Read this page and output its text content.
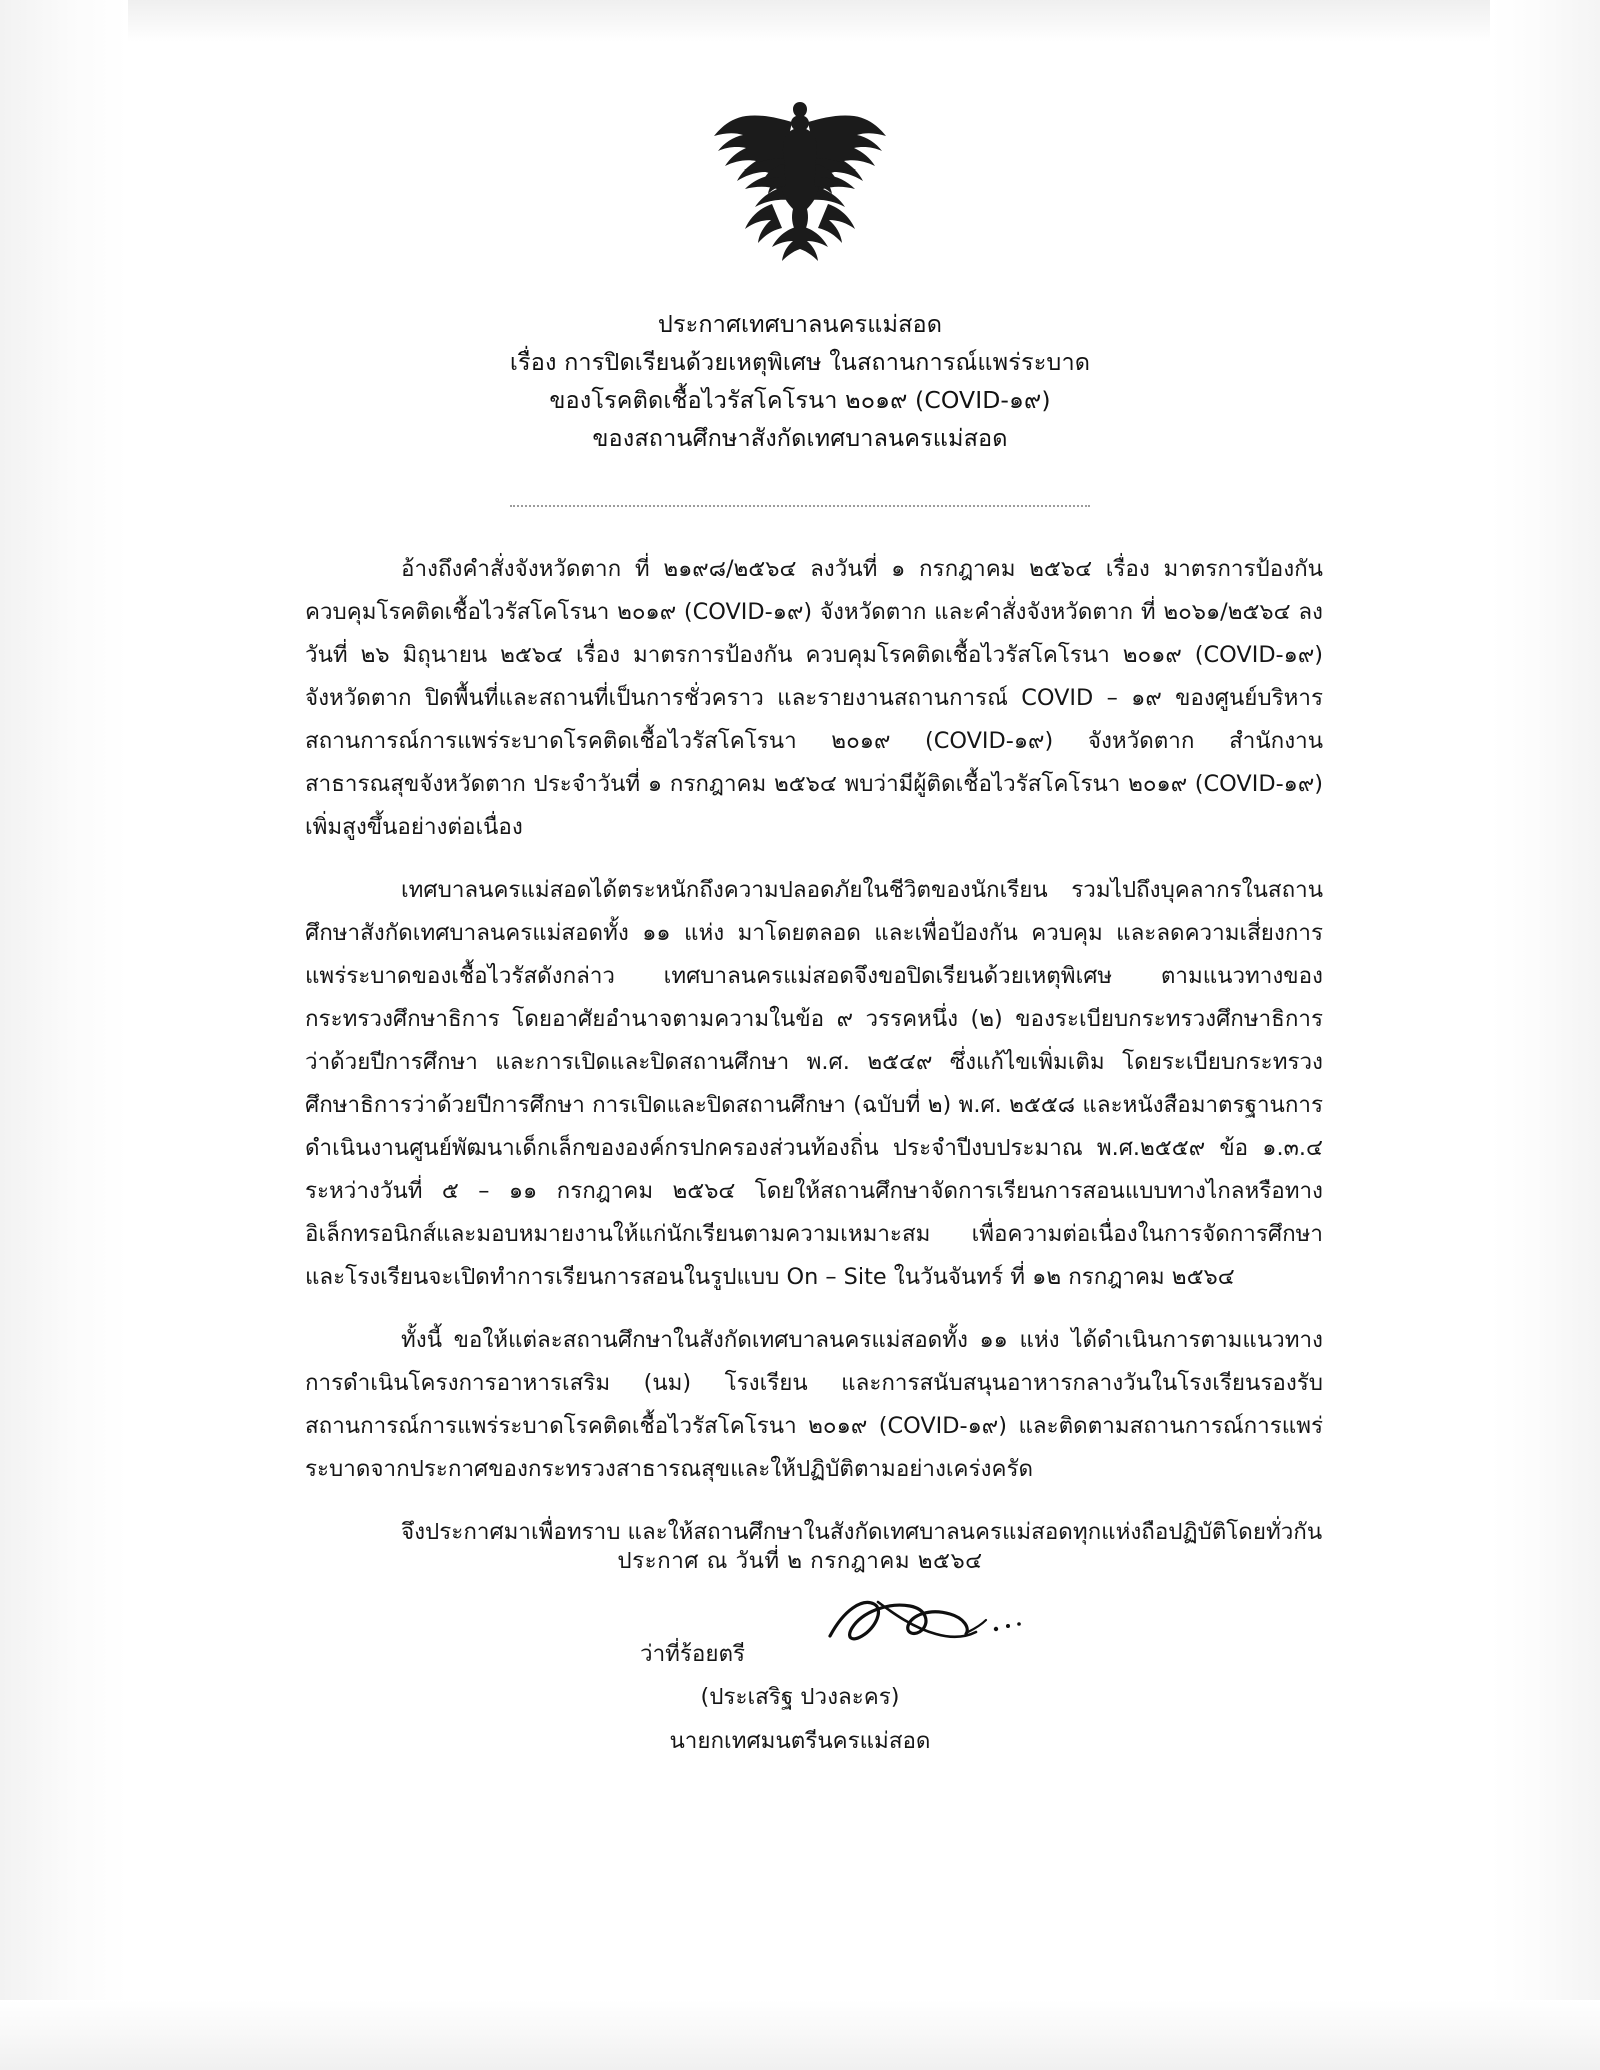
ประกาศเทศบาลนครแม่สอด
เรื่อง การปิดเรียนด้วยเหตุพิเศษ ในสถานการณ์แพร่ระบาด
ของโรคติดเชื้อไวรัสโคโรนา ๒๐๑๙ (COVID-๑๙)
ของสถานศึกษาสังกัดเทศบาลนครแม่สอด

อ้างถึงคำสั่งจังหวัดตาก ที่ ๒๑๙๘/๒๕๖๔ ลงวันที่ ๑ กรกฎาคม ๒๕๖๔ เรื่อง มาตรการป้องกัน ควบคุมโรคติดเชื้อไวรัสโคโรนา ๒๐๑๙ (COVID-๑๙) จังหวัดตาก และคำสั่งจังหวัดตาก ที่ ๒๐๖๑/๒๕๖๔ ลงวันที่ ๒๖ มิถุนายน ๒๕๖๔ เรื่อง มาตรการป้องกัน ควบคุมโรคติดเชื้อไวรัสโคโรนา ๒๐๑๙ (COVID-๑๙) จังหวัดตาก ปิดพื้นที่และสถานที่เป็นการชั่วคราว และรายงานสถานการณ์ COVID – ๑๙ ของศูนย์บริหารสถานการณ์การแพร่ระบาดโรคติดเชื้อไวรัสโคโรนา ๒๐๑๙ (COVID-๑๙) จังหวัดตาก สำนักงานสาธารณสุขจังหวัดตาก ประจำวันที่ ๑ กรกฎาคม ๒๕๖๔ พบว่ามีผู้ติดเชื้อไวรัสโคโรนา ๒๐๑๙ (COVID-๑๙) เพิ่มสูงขึ้นอย่างต่อเนื่อง

เทศบาลนครแม่สอดได้ตระหนักถึงความปลอดภัยในชีวิตของนักเรียน รวมไปถึงบุคลากรในสถานศึกษาสังกัดเทศบาลนครแม่สอดทั้ง ๑๑ แห่ง มาโดยตลอด และเพื่อป้องกัน ควบคุม และลดความเสี่ยงการแพร่ระบาดของเชื้อไวรัสดังกล่าว เทศบาลนครแม่สอดจึงขอปิดเรียนด้วยเหตุพิเศษ ตามแนวทางของกระทรวงศึกษาธิการ โดยอาศัยอำนาจตามความในข้อ ๙ วรรคหนึ่ง (๒) ของระเบียบกระทรวงศึกษาธิการ ว่าด้วยปีการศึกษา และการเปิดและปิดสถานศึกษา พ.ศ. ๒๕๔๙ ซึ่งแก้ไขเพิ่มเติม โดยระเบียบกระทรวงศึกษาธิการว่าด้วยปีการศึกษา การเปิดและปิดสถานศึกษา (ฉบับที่ ๒) พ.ศ. ๒๕๕๘ และหนังสือมาตรฐานการดำเนินงานศูนย์พัฒนาเด็กเล็กขององค์กรปกครองส่วนท้องถิ่น ประจำปีงบประมาณ พ.ศ.๒๕๕๙ ข้อ ๑.๓.๔ ระหว่างวันที่ ๕ – ๑๑ กรกฎาคม ๒๕๖๔ โดยให้สถานศึกษาจัดการเรียนการสอนแบบทางไกลหรือทางอิเล็กทรอนิกส์และมอบหมายงานให้แก่นักเรียนตามความเหมาะสม เพื่อความต่อเนื่องในการจัดการศึกษา และโรงเรียนจะเปิดทำการเรียนการสอนในรูปแบบ On – Site ในวันจันทร์ ที่ ๑๒ กรกฎาคม ๒๕๖๔

ทั้งนี้ ขอให้แต่ละสถานศึกษาในสังกัดเทศบาลนครแม่สอดทั้ง ๑๑ แห่ง ได้ดำเนินการตามแนวทางการดำเนินโครงการอาหารเสริม (นม) โรงเรียน และการสนับสนุนอาหารกลางวันในโรงเรียนรองรับสถานการณ์การแพร่ระบาดโรคติดเชื้อไวรัสโคโรนา ๒๐๑๙ (COVID-๑๙) และติดตามสถานการณ์การแพร่ระบาดจากประกาศของกระทรวงสาธารณสุขและให้ปฏิบัติตามอย่างเคร่งครัด

จึงประกาศมาเพื่อทราบ และให้สถานศึกษาในสังกัดเทศบาลนครแม่สอดทุกแห่งถือปฏิบัติโดยทั่วกัน

ประกาศ ณ วันที่ ๒ กรกฎาคม ๒๕๖๔
ว่าที่ร้อยตรี
(ประเสริฐ ปวงละคร)
นายกเทศมนตรีนครแม่สอด
